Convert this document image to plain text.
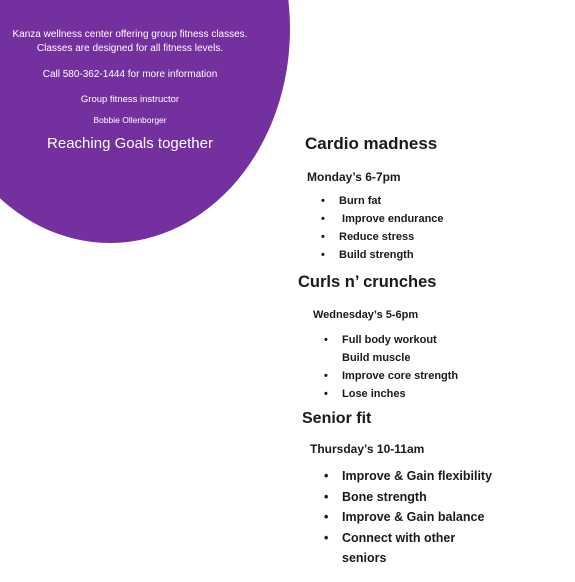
Kanza wellness center offering group fitness classes. Classes are designed for all fitness levels.

Call 580-362-1444 for more information

Group fitness instructor

Bobbie Ollenborger

Reaching Goals together	Cardio madness

Monday’s 6-7pm

• Burn fat
• Improve endurance
• Reduce stress
• Build strength

Curls n’ crunches

Wednesday’s 5-6pm

• Full body workout
Build muscle
• Improve core strength
• Lose inches

Senior fit

Thursday’s 10-11am

• Improve & Gain flexibility
• Bone strength
• Improve & Gain balance
• Connect with other
seniors
